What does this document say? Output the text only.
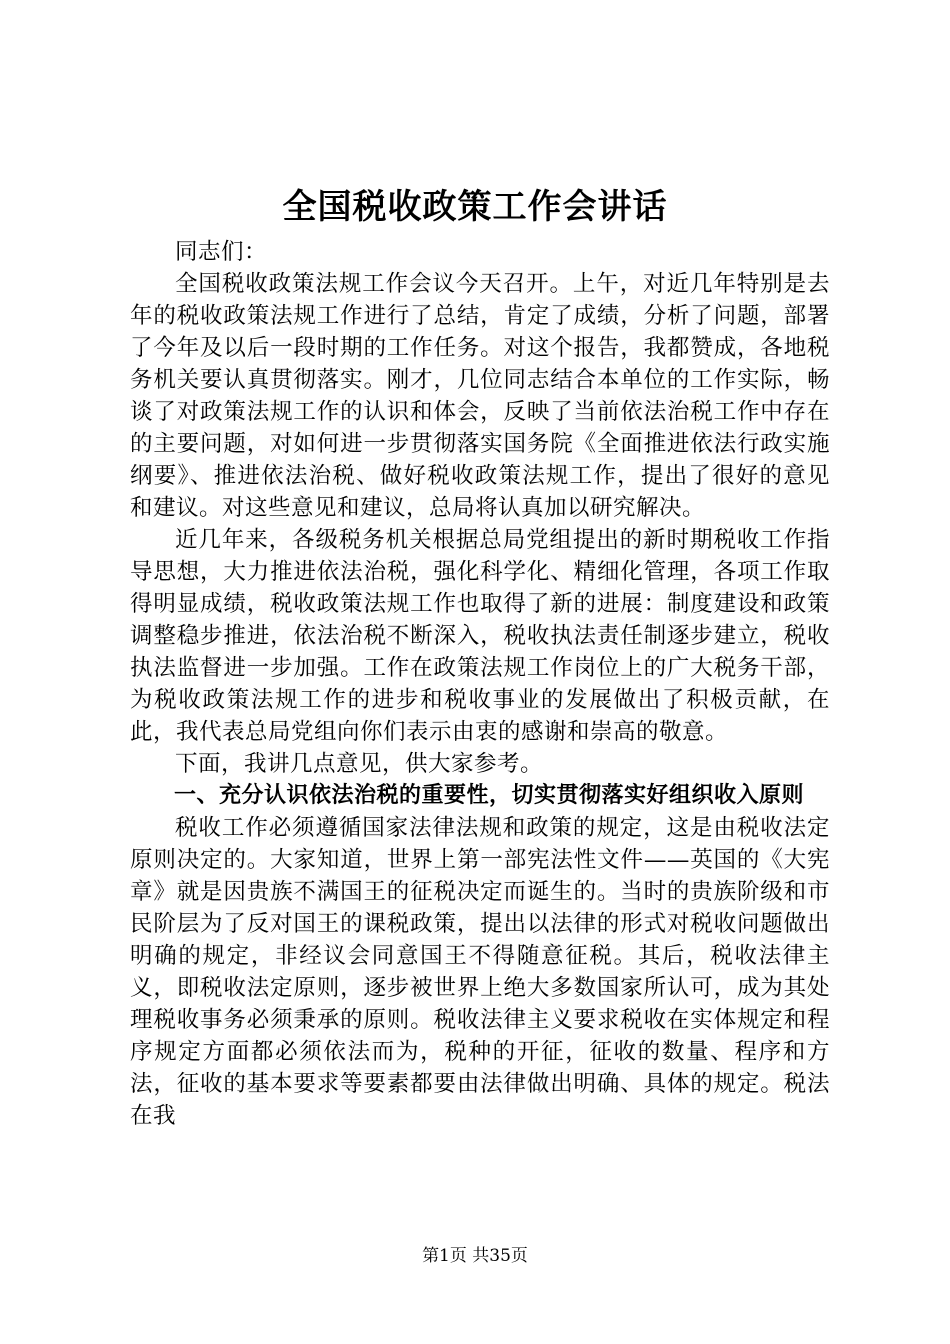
全国税收政策工作会讲话

同志们：

全国税收政策法规工作会议今天召开。上午，对近几年特别是去年的税收政策法规工作进行了总结，肯定了成绩，分析了问题，部署了今年及以后一段时期的工作任务。对这个报告，我都赞成，各地税务机关要认真贯彻落实。刚才，几位同志结合本单位的工作实际，畅谈了对政策法规工作的认识和体会，反映了当前依法治税工作中存在的主要问题，对如何进一步贯彻落实国务院《全面推进依法行政实施纲要》、推进依法治税、做好税收政策法规工作，提出了很好的意见和建议。对这些意见和建议，总局将认真加以研究解决。

近几年来，各级税务机关根据总局党组提出的新时期税收工作指导思想，大力推进依法治税，强化科学化、精细化管理，各项工作取得明显成绩，税收政策法规工作也取得了新的进展：制度建设和政策调整稳步推进，依法治税不断深入，税收执法责任制逐步建立，税收执法监督进一步加强。工作在政策法规工作岗位上的广大税务干部，为税收政策法规工作的进步和税收事业的发展做出了积极贡献，在此，我代表总局党组向你们表示由衷的感谢和崇高的敬意。

下面，我讲几点意见，供大家参考。

一、充分认识依法治税的重要性，切实贯彻落实好组织收入原则

税收工作必须遵循国家法律法规和政策的规定，这是由税收法定原则决定的。大家知道，世界上第一部宪法性文件——英国的《大宪章》就是因贵族不满国王的征税决定而诞生的。当时的贵族阶级和市民阶层为了反对国王的课税政策，提出以法律的形式对税收问题做出明确的规定，非经议会同意国王不得随意征税。其后，税收法律主义，即税收法定原则，逐步被世界上绝大多数国家所认可，成为其处理税收事务必须秉承的原则。税收法律主义要求税收在实体规定和程序规定方面都必须依法而为，税种的开征，征收的数量、程序和方法，征收的基本要求等要素都要由法律做出明确、具体的规定。税法在我

第1页 共35页
